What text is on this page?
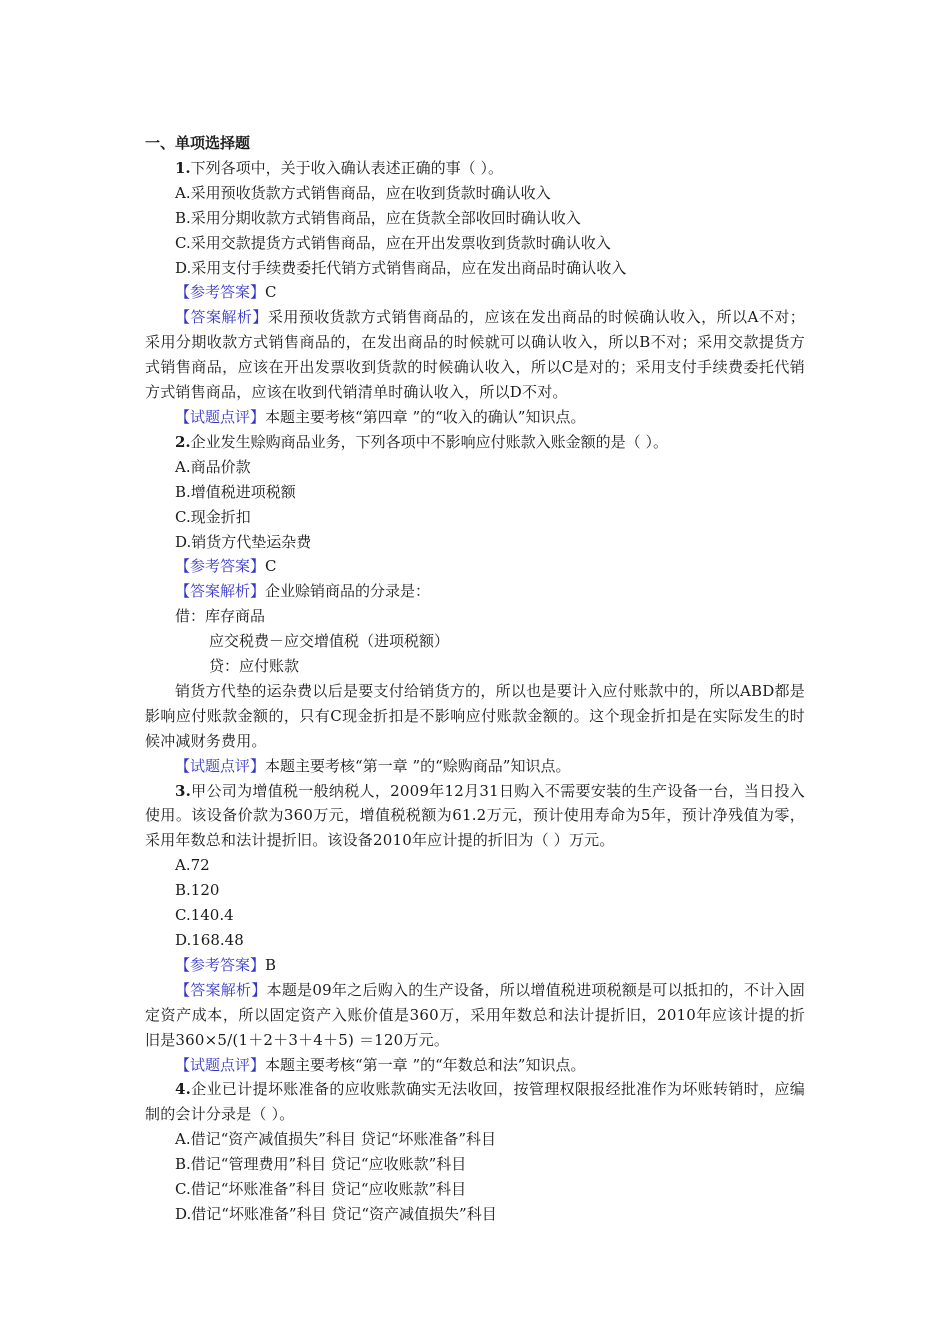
一、单项选择题
1.下列各项中，关于收入确认表述正确的事（ ）。
A.采用预收货款方式销售商品，应在收到货款时确认收入
B.采用分期收款方式销售商品，应在货款全部收回时确认收入
C.采用交款提货方式销售商品，应在开出发票收到货款时确认收入
D.采用支付手续费委托代销方式销售商品，应在发出商品时确认收入
【参考答案】C
【答案解析】采用预收货款方式销售商品的，应该在发出商品的时候确认收入，所以A不对；采用分期收款方式销售商品的，在发出商品的时候就可以确认收入，所以B不对；采用交款提货方式销售商品，应该在开出发票收到货款的时候确认收入，所以C是对的；采用支付手续费委托代销方式销售商品，应该在收到代销清单时确认收入，所以D不对。
【试题点评】本题主要考核“第四章 ”的“收入的确认”知识点。
2.企业发生赊购商品业务，下列各项中不影响应付账款入账金额的是（ ）。
A.商品价款
B.增值税进项税额
C.现金折扣
D.销货方代垫运杂费
【参考答案】C
【答案解析】企业赊销商品的分录是：
借：库存商品
应交税费－应交增值税（进项税额）
贷：应付账款
销货方代垫的运杂费以后是要支付给销货方的，所以也是要计入应付账款中的，所以ABD都是影响应付账款金额的，只有C现金折扣是不影响应付账款金额的。这个现金折扣是在实际发生的时候冲减财务费用。
【试题点评】本题主要考核“第一章 ”的“赊购商品”知识点。
3.甲公司为增值税一般纳税人，2009年12月31日购入不需要安装的生产设备一台，当日投入使用。该设备价款为360万元，增值税税额为61.2万元，预计使用寿命为5年，预计净残值为零，采用年数总和法计提折旧。该设备2010年应计提的折旧为（ ）万元。
A.72
B.120
C.140.4
D.168.48
【参考答案】B
【答案解析】本题是09年之后购入的生产设备，所以增值税进项税额是可以抵扣的，不计入固定资产成本，所以固定资产入账价值是360万，采用年数总和法计提折旧，2010年应该计提的折旧是360×5/(1＋2＋3＋4＋5) ＝120万元。
【试题点评】本题主要考核“第一章 ”的“年数总和法”知识点。
4.企业已计提坏账准备的应收账款确实无法收回，按管理权限报经批准作为坏账转销时，应编制的会计分录是（ ）。
A.借记“资产减值损失”科目 贷记“坏账准备”科目
B.借记“管理费用”科目 贷记“应收账款”科目
C.借记“坏账准备”科目 贷记“应收账款”科目
D.借记“坏账准备”科目 贷记“资产减值损失”科目
